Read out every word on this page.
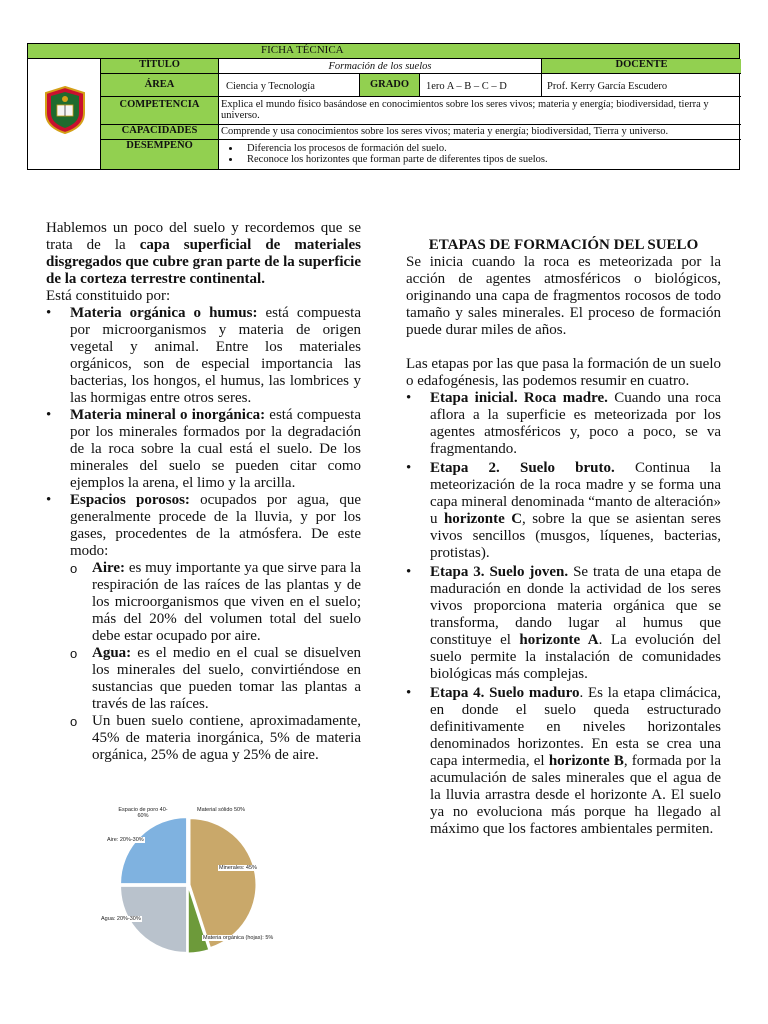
FICHA TÉCNICA
TÍTULO	Formación de los suelos	DOCENTE
ÁREA	Ciencia y Tecnología	GRADO	1ero A – B – C – D	Prof. Kerry García Escudero
COMPETENCIA	Explica el mundo físico basándose en conocimientos sobre los seres vivos; materia y energía; biodiversidad, tierra y universo.
CAPACIDADES	Comprende y usa conocimientos sobre los seres vivos; materia y energía; biodiversidad, Tierra y universo.
DESEMPEÑO	• Diferencia los procesos de formación del suelo.
• Reconoce los horizontes que forman parte de diferentes tipos de suelos.

Hablemos un poco del suelo y recordemos que se trata de la capa superficial de materiales disgregados que cubre gran parte de la superficie de la corteza terrestre continental.

Está constituido por:

• Materia orgánica o humus: está compuesta por microorganismos y materia de origen vegetal y animal. Entre los materiales orgánicos, son de especial importancia las bacterias, los hongos, el humus, las lombrices y las hormigas entre otros seres.
• Materia mineral o inorgánica: está compuesta por los minerales formados por la degradación de la roca sobre la cual está el suelo. De los minerales del suelo se pueden citar como ejemplos la arena, el limo y la arcilla.
• Espacios porosos: ocupados por agua, que generalmente procede de la lluvia, y por los gases, procedentes de la atmósfera. De este modo:
o Aire: es muy importante ya que sirve para la respiración de las raíces de las plantas y de los microorganismos que viven en el suelo; más del 20% del volumen total del suelo debe estar ocupado por aire.
o Agua: es el medio en el cual se disuelven los minerales del suelo, convirtiéndose en sustancias que pueden tomar las plantas a través de las raíces.
o Un buen suelo contiene, aproximadamente, 45% de materia inorgánica, 5% de materia orgánica, 25% de agua y 25% de aire.
Espacio de poro 40-60%
Material sólido 50%
Aire: 20%-30%
Minerales: 45%
Agua: 20%-30%
Materia orgánica (hojas): 5%

ETAPAS DE FORMACIÓN DEL SUELO

Se inicia cuando la roca es meteorizada por la acción de agentes atmosféricos o biológicos, originando una capa de fragmentos rocosos de todo tamaño y sales minerales. El proceso de formación puede durar miles de años.

Las etapas por las que pasa la formación de un suelo o edafogénesis, las podemos resumir en cuatro.

• Etapa inicial. Roca madre. Cuando una roca aflora a la superficie es meteorizada por los agentes atmosféricos y, poco a poco, se va fragmentando.
• Etapa 2. Suelo bruto. Continua la meteorización de la roca madre y se forma una capa mineral denominada “manto de alteración» u horizonte C, sobre la que se asientan seres vivos sencillos (musgos, líquenes, bacterias, protistas).
• Etapa 3. Suelo joven. Se trata de una etapa de maduración en donde la actividad de los seres vivos proporciona materia orgánica que se transforma, dando lugar al humus que constituye el horizonte A. La evolución del suelo permite la instalación de comunidades biológicas más complejas.
• Etapa 4. Suelo maduro. Es la etapa climácica, en donde el suelo queda estructurado definitivamente en niveles horizontales denominados horizontes. En esta se crea una capa intermedia, el horizonte B, formada por la acumulación de sales minerales que el agua de la lluvia arrastra desde el horizonte A. El suelo ya no evoluciona más porque ha llegado al máximo que los factores ambientales permiten.
